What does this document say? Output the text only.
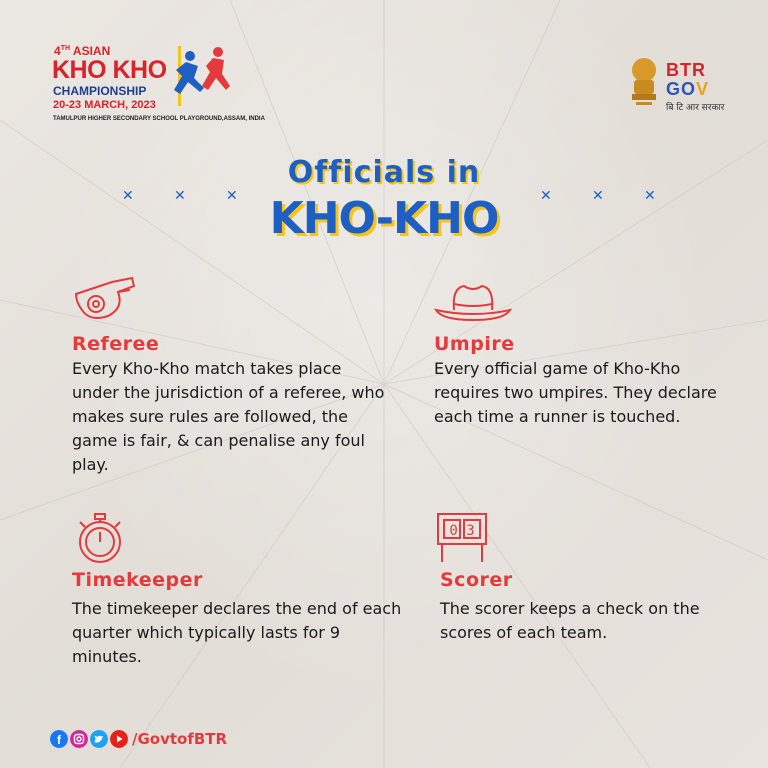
4TH ASIAN
KHO KHO
CHAMPIONSHIP
20-23 MARCH, 2023
TAMULPUR HIGHER SECONDARY SCHOOL PLAYGROUND,ASSAM, INDIA
BTR
GOV
बि टि आर सरकार
Officials in
KHO-KHO
✕	✕	✕	✕	✕	✕
Referee
Every Kho-Kho match takes place under the jurisdiction of a referee, who makes sure rules are followed, the game is fair, & can penalise any foul play.
Umpire
Every official game of Kho-Kho requires two umpires. They declare each time a runner is touched.
Timekeeper
The timekeeper declares the end of each quarter which typically lasts for 9 minutes.
0 3
Scorer
The scorer keeps a check on the scores of each team.
f	/GovtofBTR
